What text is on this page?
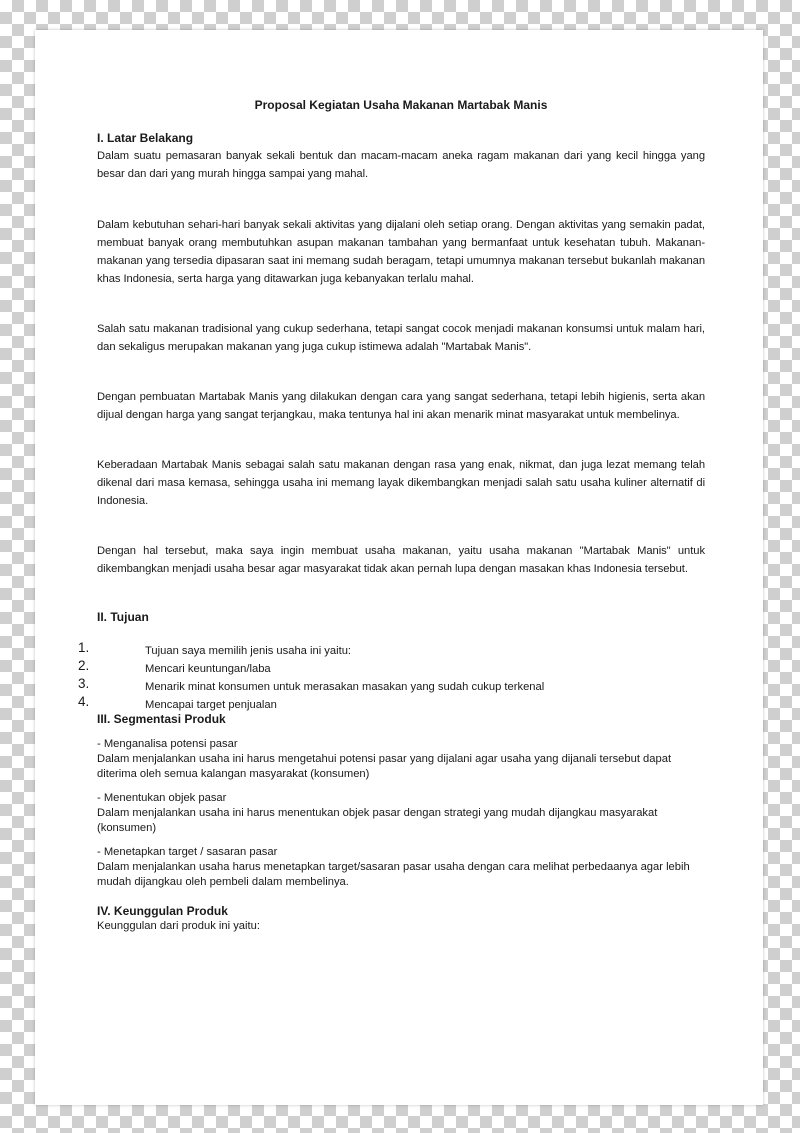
Proposal Kegiatan Usaha Makanan Martabak Manis

I. Latar Belakang

Dalam suatu pemasaran banyak sekali bentuk dan macam-macam aneka ragam makanan dari yang kecil hingga yang besar dan dari yang murah hingga sampai yang mahal.

Dalam kebutuhan sehari-hari banyak sekali aktivitas yang dijalani oleh setiap orang. Dengan aktivitas yang semakin padat, membuat banyak orang membutuhkan asupan makanan tambahan yang bermanfaat untuk kesehatan tubuh. Makanan-makanan yang tersedia dipasaran saat ini memang sudah beragam, tetapi umumnya makanan tersebut bukanlah makanan khas Indonesia, serta harga yang ditawarkan juga kebanyakan terlalu mahal.

Salah satu makanan tradisional yang cukup sederhana, tetapi sangat cocok menjadi makanan konsumsi untuk malam hari, dan sekaligus merupakan makanan yang juga cukup istimewa adalah "Martabak Manis".

Dengan pembuatan Martabak Manis yang dilakukan dengan cara yang sangat sederhana, tetapi lebih higienis, serta akan dijual dengan harga yang sangat terjangkau, maka tentunya hal ini akan menarik minat masyarakat untuk membelinya.

Keberadaan Martabak Manis sebagai salah satu makanan dengan rasa yang enak, nikmat, dan juga lezat memang telah dikenal dari masa kemasa, sehingga usaha ini memang layak dikembangkan menjadi salah satu usaha kuliner alternatif di Indonesia.

Dengan hal tersebut, maka saya ingin membuat usaha makanan, yaitu usaha makanan "Martabak Manis" untuk dikembangkan menjadi usaha besar agar masyarakat tidak akan pernah lupa dengan masakan khas Indonesia tersebut.

II. Tujuan

1.	Tujuan saya memilih jenis usaha ini yaitu:
2.	Mencari keuntungan/laba
3.	Menarik minat konsumen untuk merasakan masakan yang sudah cukup terkenal
4.	Mencapai target penjualan

III. Segmentasi Produk

- Menganalisa potensi pasar
Dalam menjalankan usaha ini harus mengetahui potensi pasar yang dijalani agar usaha yang dijanali tersebut dapat diterima oleh semua kalangan masyarakat (konsumen)
- Menentukan objek pasar
Dalam menjalankan usaha ini harus menentukan objek pasar dengan strategi yang mudah dijangkau masyarakat (konsumen)
- Menetapkan target / sasaran pasar
Dalam menjalankan usaha harus menetapkan target/sasaran pasar usaha dengan cara melihat perbedaanya agar lebih mudah dijangkau oleh pembeli dalam membelinya.

IV. Keunggulan Produk

Keunggulan dari produk ini yaitu:
